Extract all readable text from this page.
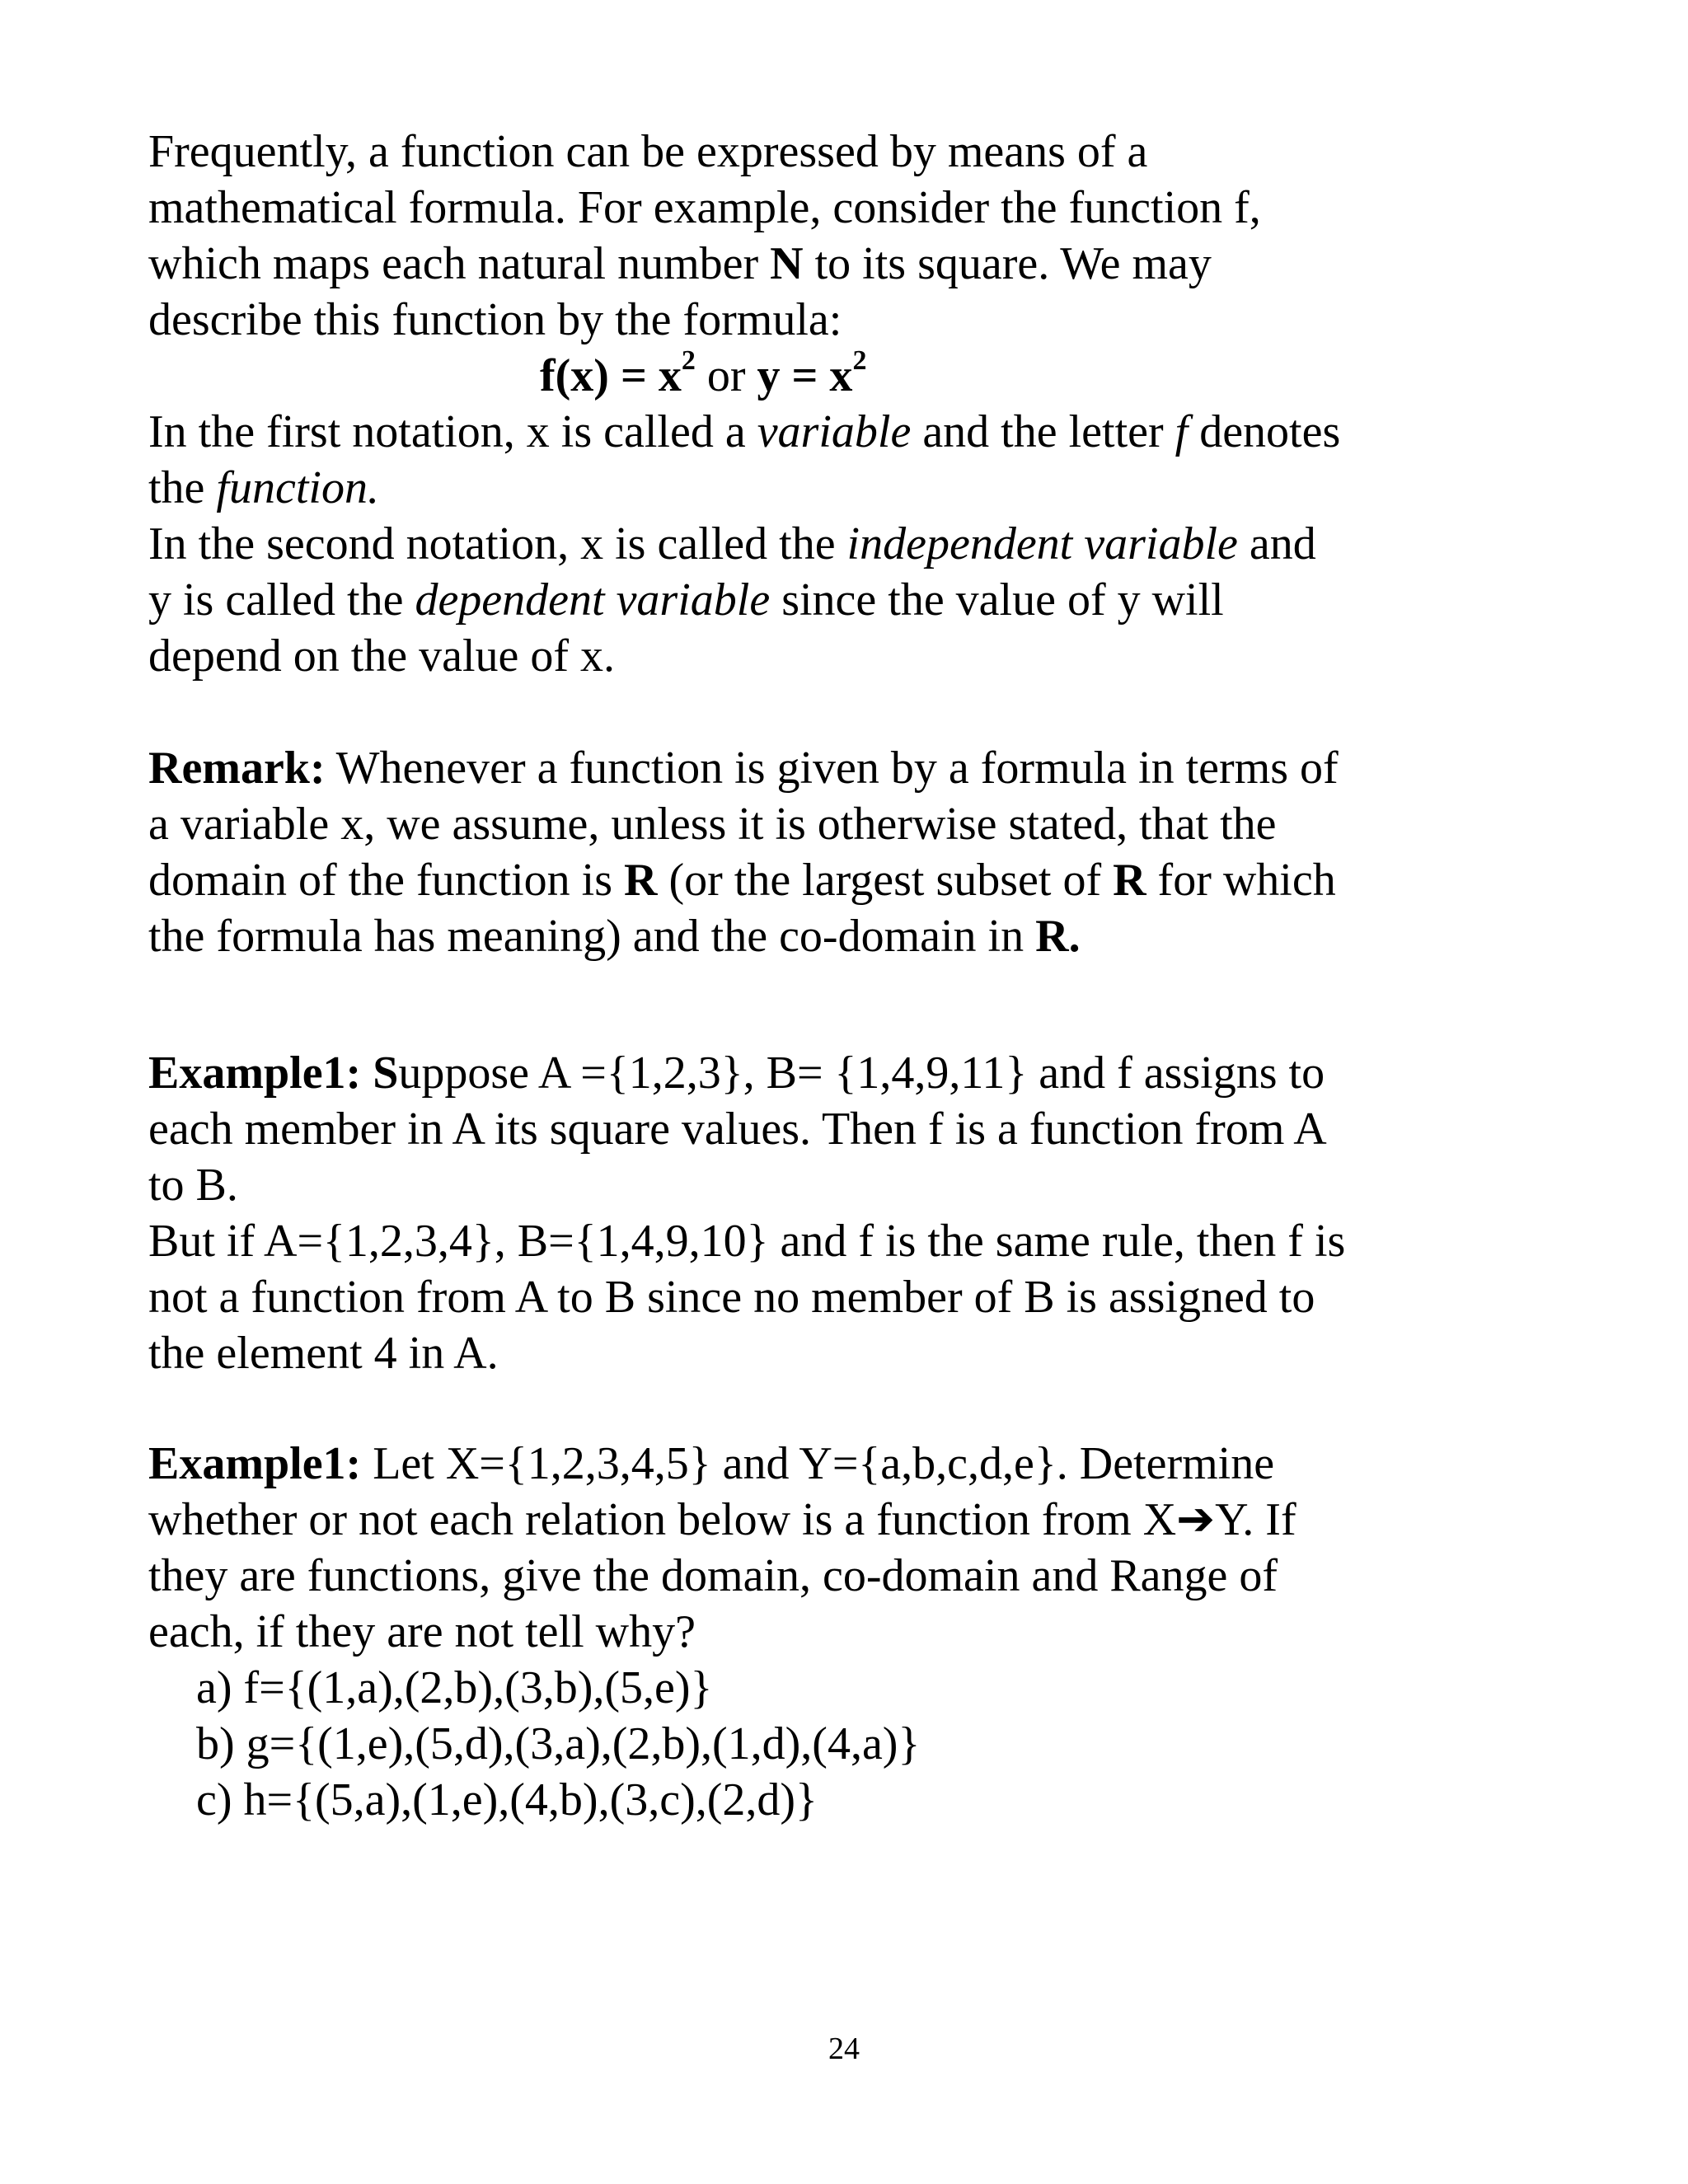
Frequently, a function can be expressed by means of a
mathematical formula. For example, consider the function f,
which maps each natural number N to its square. We may
describe this function by the formula:
$f(x) = x^2$ or $y = x^2$
In the first notation, x is called a variable and the letter f denotes
the function.
In the second notation, x is called the independent variable and
y is called the dependent variable since the value of y will
depend on the value of x.
Remark: Whenever a function is given by a formula in terms of
a variable x, we assume, unless it is otherwise stated, that the
domain of the function is R (or the largest subset of R for which
the formula has meaning) and the co-domain in R.
Example1: Suppose A ={1,2,3}, B= {1,4,9,11} and f assigns to
each member in A its square values. Then f is a function from A
to B.
But if A={1,2,3,4}, B={1,4,9,10} and f is the same rule, then f is
not a function from A to B since no member of B is assigned to
the element 4 in A.
Example1: Let X={1,2,3,4,5} and Y={a,b,c,d,e}. Determine
whether or not each relation below is a function from X➔Y. If
they are functions, give the domain, co-domain and Range of
each, if they are not tell why?
a) f={(1,a),(2,b),(3,b),(5,e)}
b) g={(1,e),(5,d),(3,a),(2,b),(1,d),(4,a)}
c) h={(5,a),(1,e),(4,b),(3,c),(2,d)}
24
